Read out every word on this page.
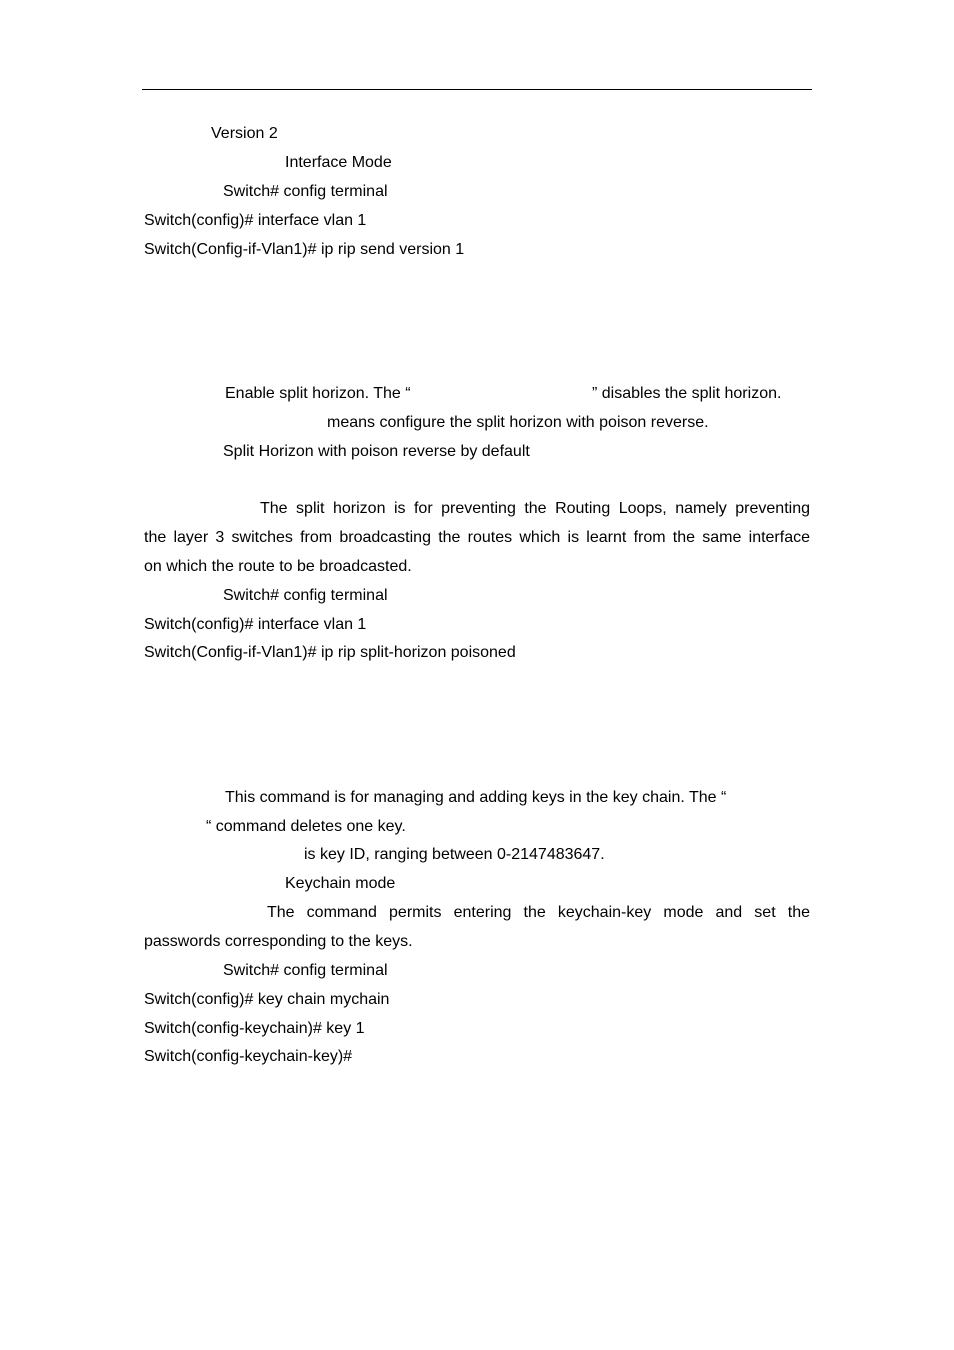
Version 2
Interface Mode
Switch# config terminal
Switch(config)# interface vlan 1
Switch(Config-if-Vlan1)# ip rip send version 1
Enable split horizon. The “	” disables the split horizon.
means configure the split horizon with poison reverse.
Split Horizon with poison reverse by default
The split horizon is for preventing the Routing Loops, namely preventing
the layer 3 switches from broadcasting the routes which is learnt from the same interface
on which the route to be broadcasted.
Switch# config terminal
Switch(config)# interface vlan 1
Switch(Config-if-Vlan1)# ip rip split-horizon poisoned
This command is for managing and adding keys in the key chain. The “
“ command deletes one key.
is key ID, ranging between 0-2147483647.
Keychain mode
The command permits entering the keychain-key mode and set the
passwords corresponding to the keys.
Switch# config terminal
Switch(config)# key chain mychain
Switch(config-keychain)# key 1
Switch(config-keychain-key)#
